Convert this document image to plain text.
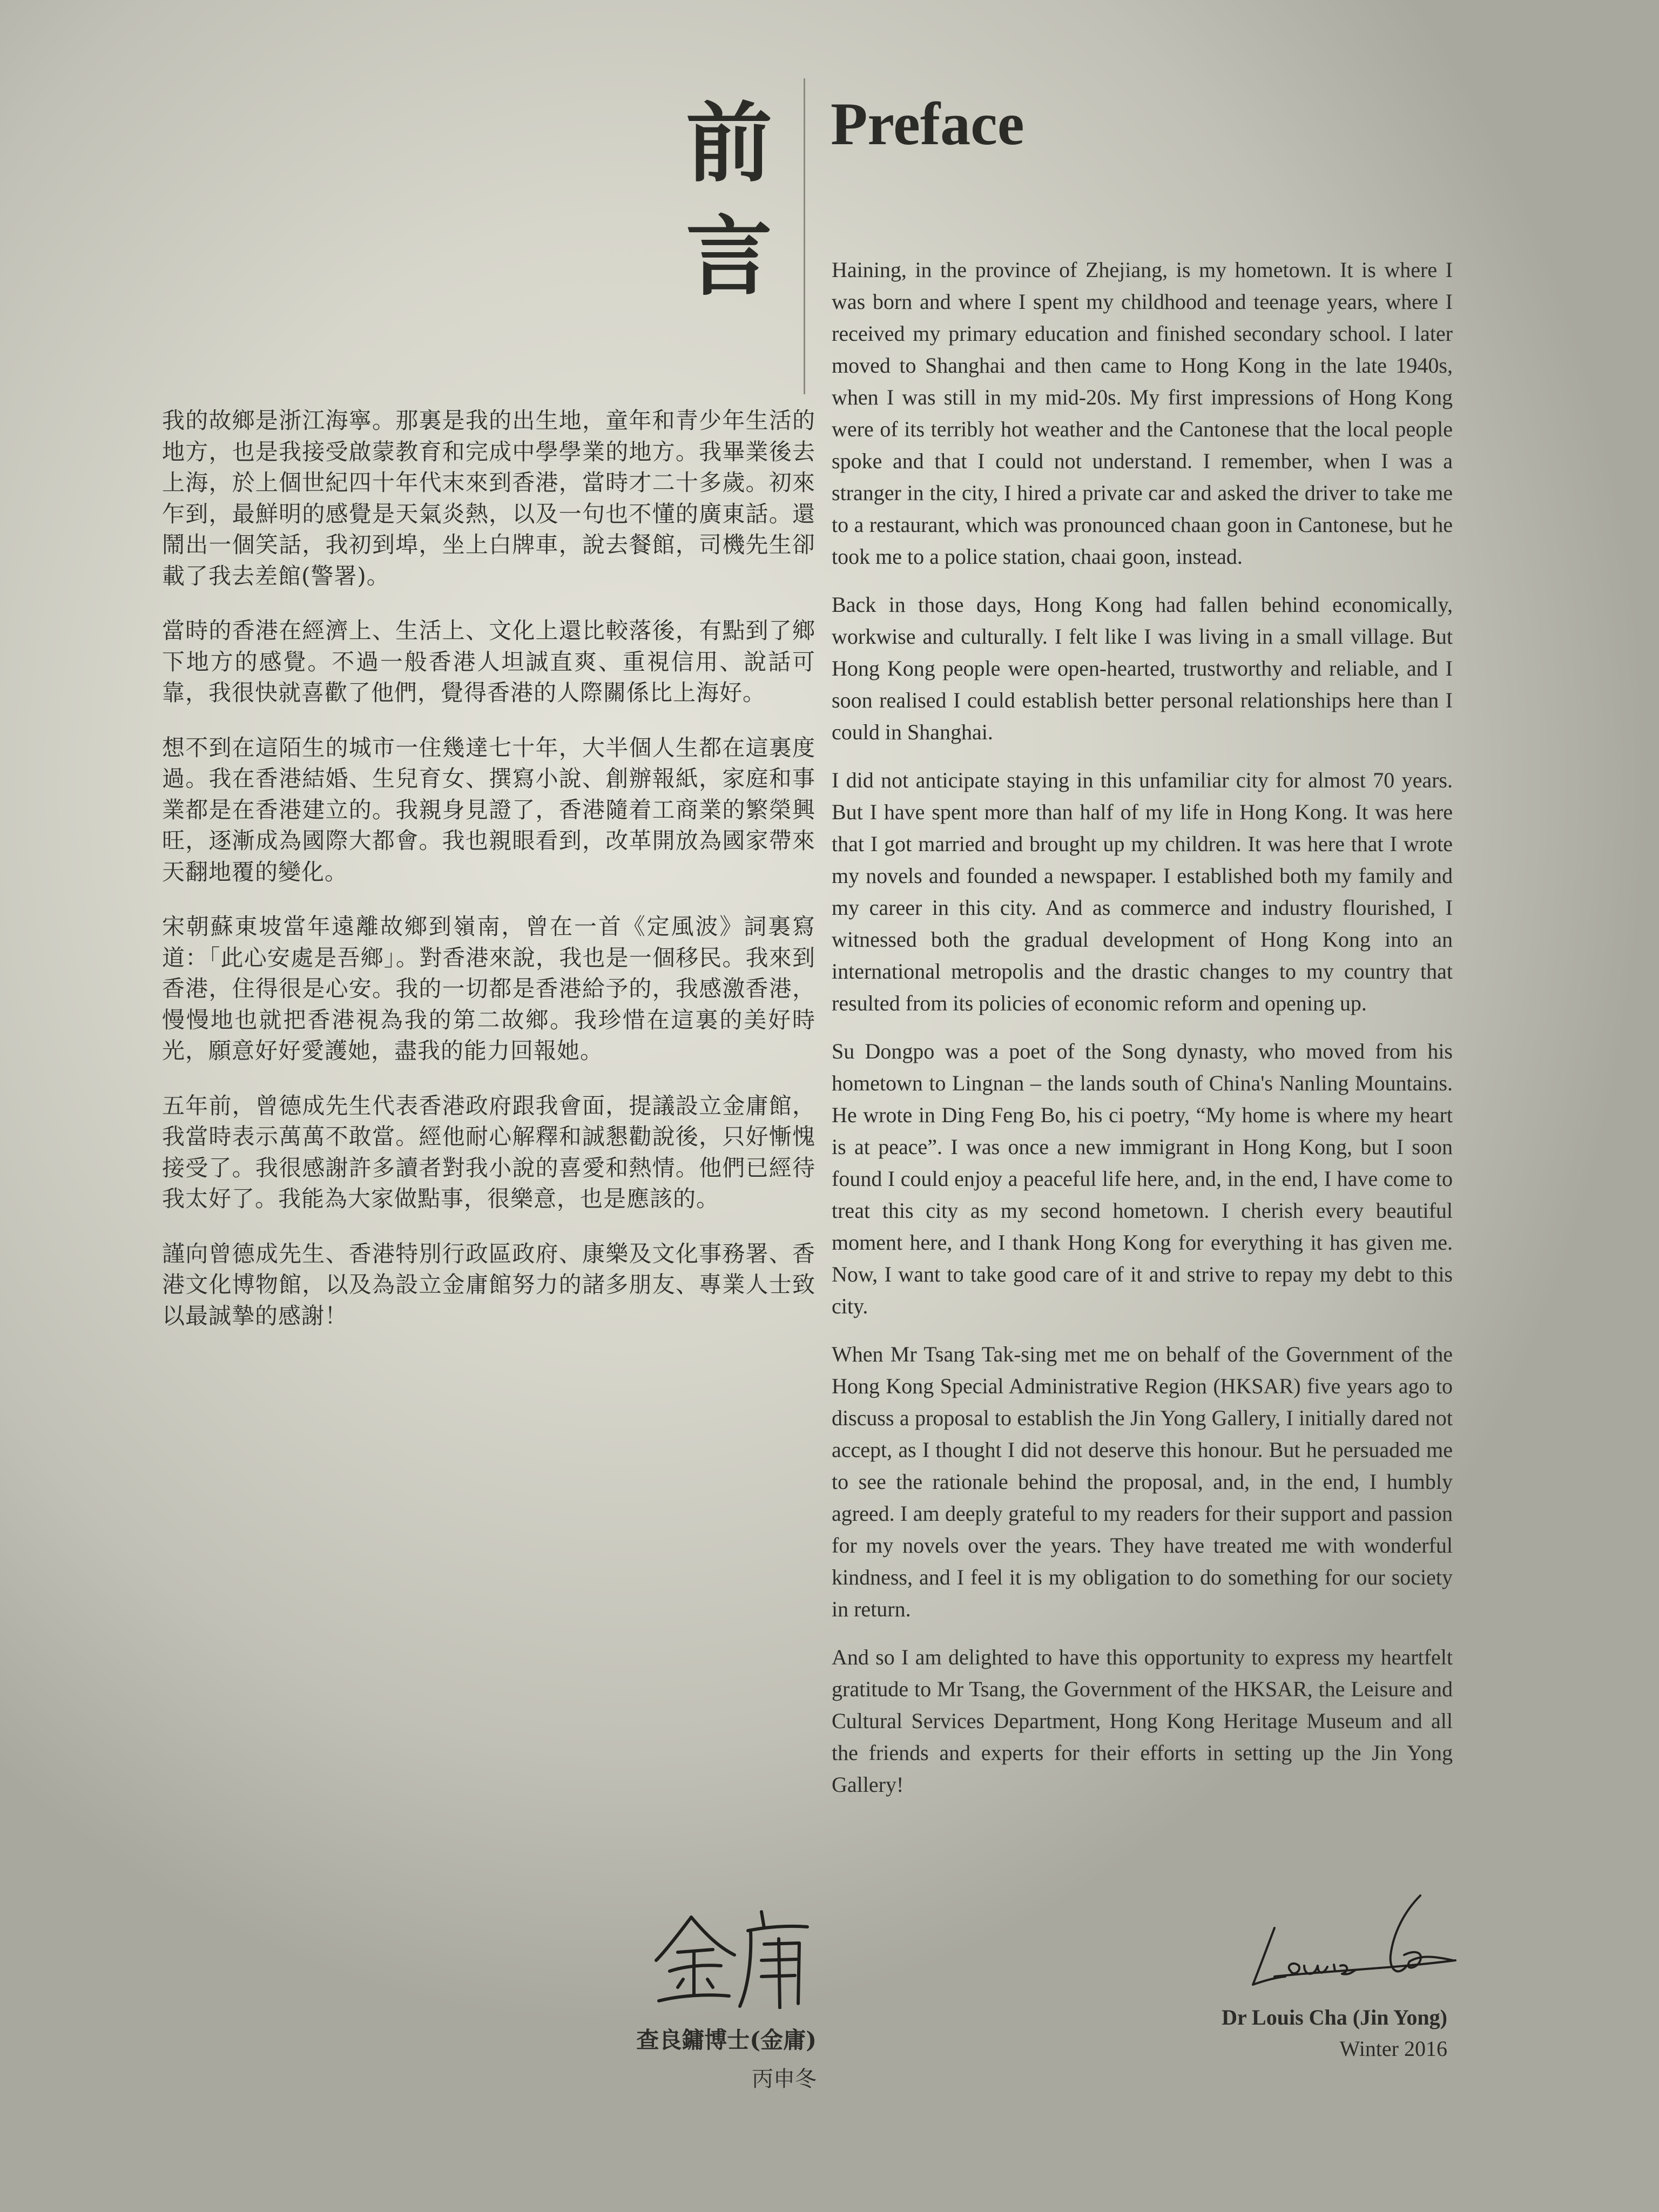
前
言
Preface

我的故鄉是浙江海寧。那裏是我的出生地，童年和青少年生活的地方，也是我接受啟蒙教育和完成中學學業的地方。我畢業後去上海，於上個世紀四十年代末來到香港，當時才二十多歲。初來乍到，最鮮明的感覺是天氣炎熱，以及一句也不懂的廣東話。還鬧出一個笑話，我初到埠，坐上白牌車，說去餐館，司機先生卻載了我去差館(警署)。

當時的香港在經濟上、生活上、文化上還比較落後，有點到了鄉下地方的感覺。不過一般香港人坦誠直爽、重視信用、說話可靠，我很快就喜歡了他們，覺得香港的人際關係比上海好。

想不到在這陌生的城市一住幾達七十年，大半個人生都在這裏度過。我在香港結婚、生兒育女、撰寫小說、創辦報紙，家庭和事業都是在香港建立的。我親身見證了，香港隨着工商業的繁榮興旺，逐漸成為國際大都會。我也親眼看到，改革開放為國家帶來天翻地覆的變化。

宋朝蘇東坡當年遠離故鄉到嶺南，曾在一首《定風波》詞裏寫道：「此心安處是吾鄉」。對香港來說，我也是一個移民。我來到香港，住得很是心安。我的一切都是香港給予的，我感激香港，慢慢地也就把香港視為我的第二故鄉。我珍惜在這裏的美好時光，願意好好愛護她，盡我的能力回報她。

五年前，曾德成先生代表香港政府跟我會面，提議設立金庸館，我當時表示萬萬不敢當。經他耐心解釋和誠懇勸說後，只好慚愧接受了。我很感謝許多讀者對我小說的喜愛和熱情。他們已經待我太好了。我能為大家做點事，很樂意，也是應該的。

謹向曾德成先生、香港特別行政區政府、康樂及文化事務署、香港文化博物館，以及為設立金庸館努力的諸多朋友、專業人士致以最誠摯的感謝！

Haining, in the province of Zhejiang, is my hometown. It is where I was born and where I spent my childhood and teenage years, where I received my primary education and finished secondary school. I later moved to Shanghai and then came to Hong Kong in the late 1940s, when I was still in my mid-20s. My first impressions of Hong Kong were of its terribly hot weather and the Cantonese that the local people spoke and that I could not understand. I remember, when I was a stranger in the city, I hired a private car and asked the driver to take me to a restaurant, which was pronounced chaan goon in Cantonese, but he took me to a police station, chaai goon, instead.

Back in those days, Hong Kong had fallen behind economically, workwise and culturally. I felt like I was living in a small village. But Hong Kong people were open-hearted, trustworthy and reliable, and I soon realised I could establish better personal relationships here than I could in Shanghai.

I did not anticipate staying in this unfamiliar city for almost 70 years. But I have spent more than half of my life in Hong Kong. It was here that I got married and brought up my children. It was here that I wrote my novels and founded a newspaper. I established both my family and my career in this city. And as commerce and industry flourished, I witnessed both the gradual development of Hong Kong into an international metropolis and the drastic changes to my country that resulted from its policies of economic reform and opening up.

Su Dongpo was a poet of the Song dynasty, who moved from his hometown to Lingnan – the lands south of China's Nanling Mountains. He wrote in Ding Feng Bo, his ci poetry, “My home is where my heart is at peace”. I was once a new immigrant in Hong Kong, but I soon found I could enjoy a peaceful life here, and, in the end, I have come to treat this city as my second hometown. I cherish every beautiful moment here, and I thank Hong Kong for everything it has given me. Now, I want to take good care of it and strive to repay my debt to this city.

When Mr Tsang Tak-sing met me on behalf of the Government of the Hong Kong Special Administrative Region (HKSAR) five years ago to discuss a proposal to establish the Jin Yong Gallery, I initially dared not accept, as I thought I did not deserve this honour. But he persuaded me to see the rationale behind the proposal, and, in the end, I humbly agreed. I am deeply grateful to my readers for their support and passion for my novels over the years. They have treated me with wonderful kindness, and I feel it is my obligation to do something for our society in return.

And so I am delighted to have this opportunity to express my heartfelt gratitude to Mr Tsang, the Government of the HKSAR, the Leisure and Cultural Services Department, Hong Kong Heritage Museum and all the friends and experts for their efforts in setting up the Jin Yong Gallery!

查良鏞博士(金庸)
丙申冬
Dr Louis Cha (Jin Yong)
Winter 2016
